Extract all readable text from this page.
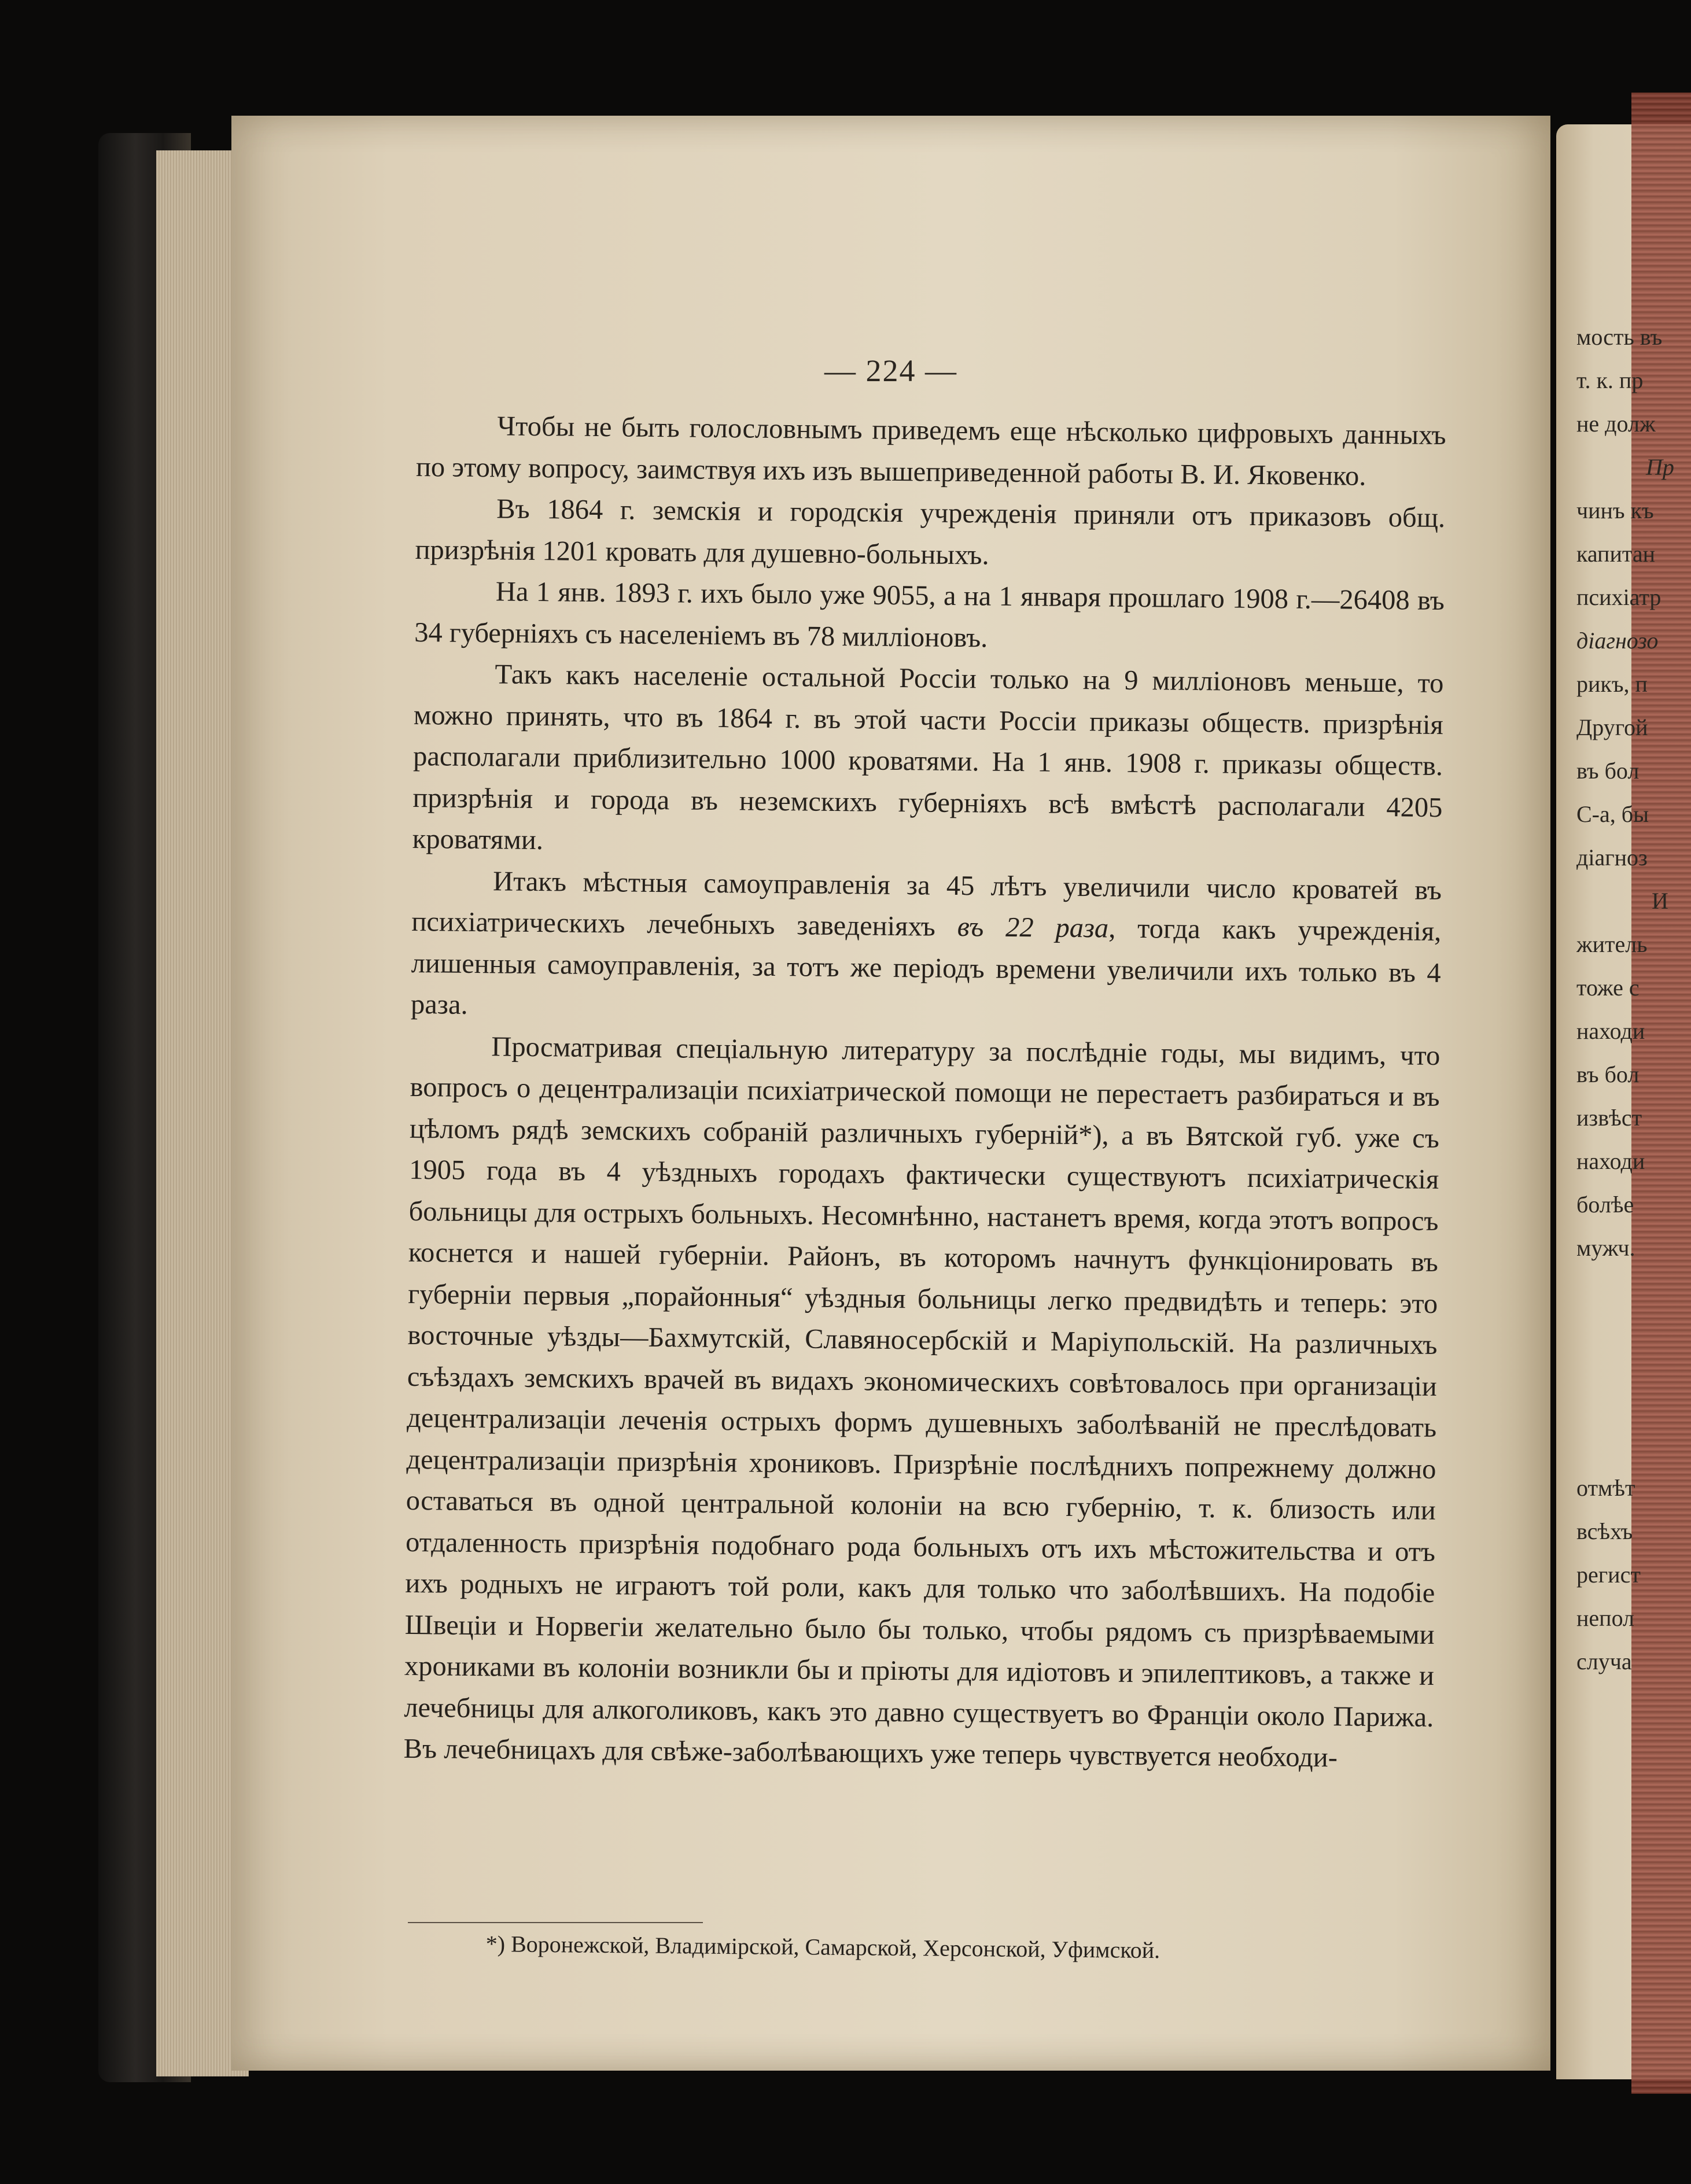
мость въ
т. к. пр
не долж
Пр
чинъ къ
капитан
психіатр
діагнозо
рикъ, п
Другой
въ бол
С-а, бы
діагноз
И
житель
тоже с
находи
въ бол
извѣст
находи
болѣе
мужч.
отмѣт
всѣхъ
регист
непол
случа
— 224 —

Чтобы не быть голословнымъ приведемъ еще нѣсколько цифровыхъ данныхъ по этому вопросу, заимствуя ихъ изъ вышеприведенной работы В. И. Яковенко.

Въ 1864 г. земскія и городскія учрежденія приняли отъ приказовъ общ. призрѣнія 1201 кровать для душевно-больныхъ.

На 1 янв. 1893 г. ихъ было уже 9055, а на 1 января прошлаго 1908 г.—26408 въ 34 губерніяхъ съ населеніемъ въ 78 милліоновъ.

Такъ какъ населеніе остальной Россіи только на 9 милліоновъ меньше, то можно принять, что въ 1864 г. въ этой части Россіи приказы обществ. призрѣнія располагали приблизительно 1000 кроватями. На 1 янв. 1908 г. приказы обществ. призрѣнія и города въ неземскихъ губерніяхъ всѣ вмѣстѣ располагали 4205 кроватями.

Итакъ мѣстныя самоуправленія за 45 лѣтъ увеличили число кроватей въ психіатрическихъ лечебныхъ заведеніяхъ въ 22 раза, тогда какъ учрежденія, лишенныя самоуправленія, за тотъ же періодъ времени увеличили ихъ только въ 4 раза.

Просматривая спеціальную литературу за послѣдніе годы, мы видимъ, что вопросъ о децентрализаціи психіатрической помощи не перестаетъ разбираться и въ цѣломъ рядѣ земскихъ собраній различныхъ губерній*), а въ Вятской губ. уже съ 1905 года въ 4 уѣздныхъ городахъ фактически существуютъ психіатрическія больницы для острыхъ больныхъ. Несомнѣнно, настанетъ время, когда этотъ вопросъ коснется и нашей губерніи. Районъ, въ которомъ начнутъ функціонировать въ губерніи первыя „порайонныя“ уѣздныя больницы легко предвидѣть и теперь: это восточные уѣзды—Бахмутскій, Славяносербскій и Маріупольскій. На различныхъ съѣздахъ земскихъ врачей въ видахъ экономическихъ совѣтовалось при организаціи децентрализаціи леченія острыхъ формъ душевныхъ заболѣваній не преслѣдовать децентрализаціи призрѣнія хрониковъ. Призрѣніе послѣднихъ попрежнему должно оставаться въ одной центральной колоніи на всю губернію, т. к. близость или отдаленность призрѣнія подобнаго рода больныхъ отъ ихъ мѣстожительства и отъ ихъ родныхъ не играютъ той роли, какъ для только что заболѣвшихъ. На подобіе Швеціи и Норвегіи желательно было бы только, чтобы рядомъ съ призрѣваемыми хрониками въ колоніи возникли бы и пріюты для идіотовъ и эпилептиковъ, а также и лечебницы для алкоголиковъ, какъ это давно существуетъ во Франціи около Парижа. Въ лечебницахъ для свѣже-заболѣвающихъ уже теперь чувствуется необходи-

*) Воронежской, Владимірской, Самарской, Херсонской, Уфимской.
